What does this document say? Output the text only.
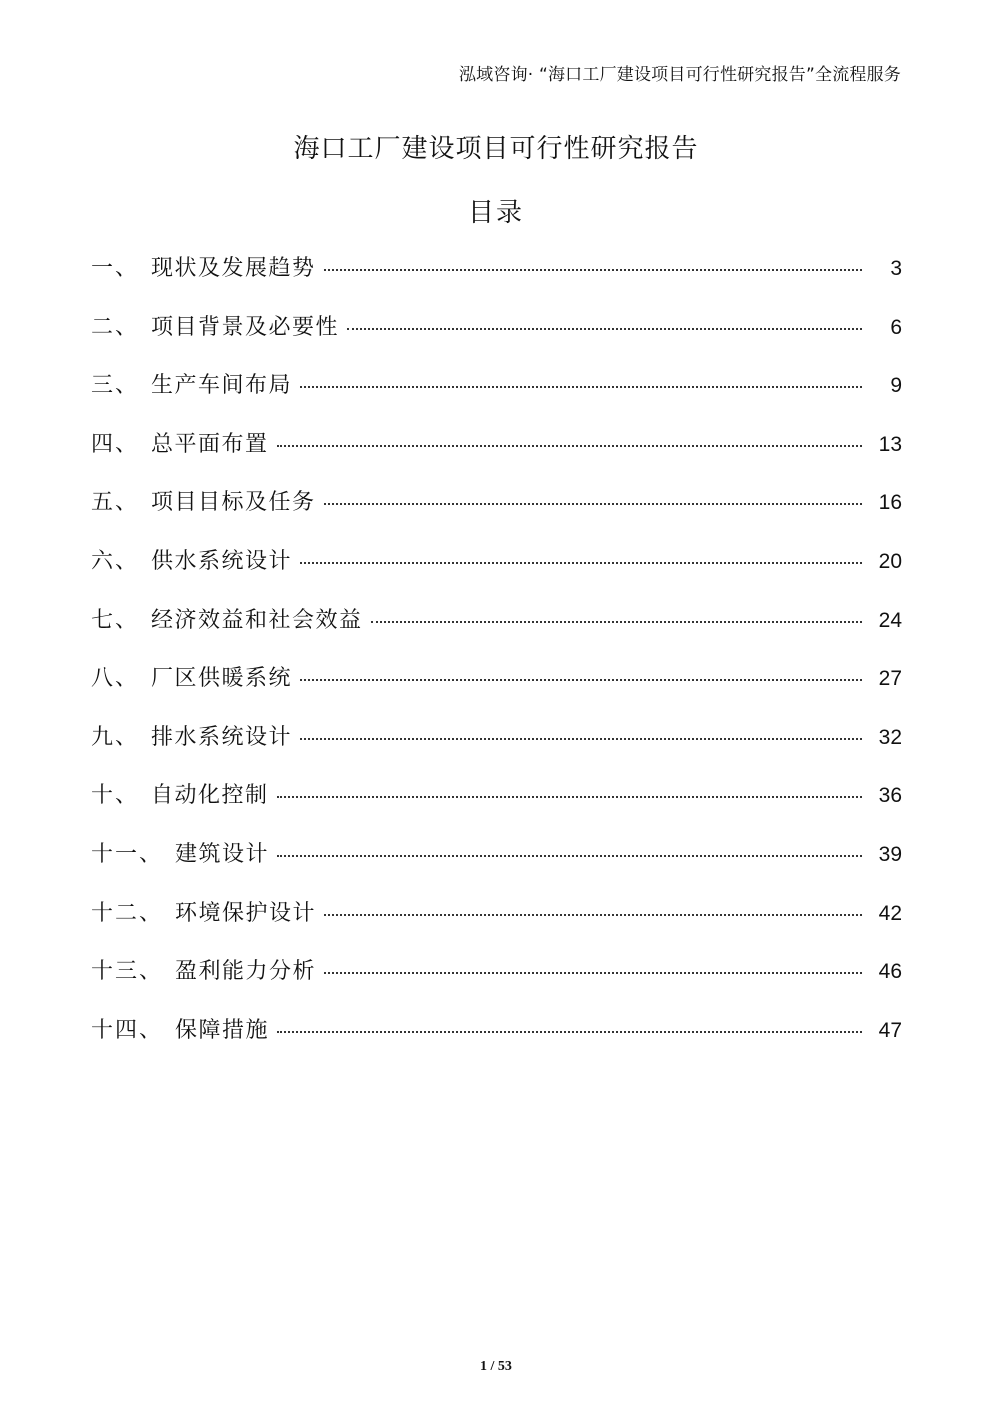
泓域咨询· “海口工厂建设项目可行性研究报告”全流程服务
海口工厂建设项目可行性研究报告
目录
一、 现状及发展趋势	3
二、 项目背景及必要性	6
三、 生产车间布局	9
四、 总平面布置	13
五、 项目目标及任务	16
六、 供水系统设计	20
七、 经济效益和社会效益	24
八、 厂区供暖系统	27
九、 排水系统设计	32
十、 自动化控制	36
十一、 建筑设计	39
十二、 环境保护设计	42
十三、 盈利能力分析	46
十四、 保障措施	47
1 / 53
